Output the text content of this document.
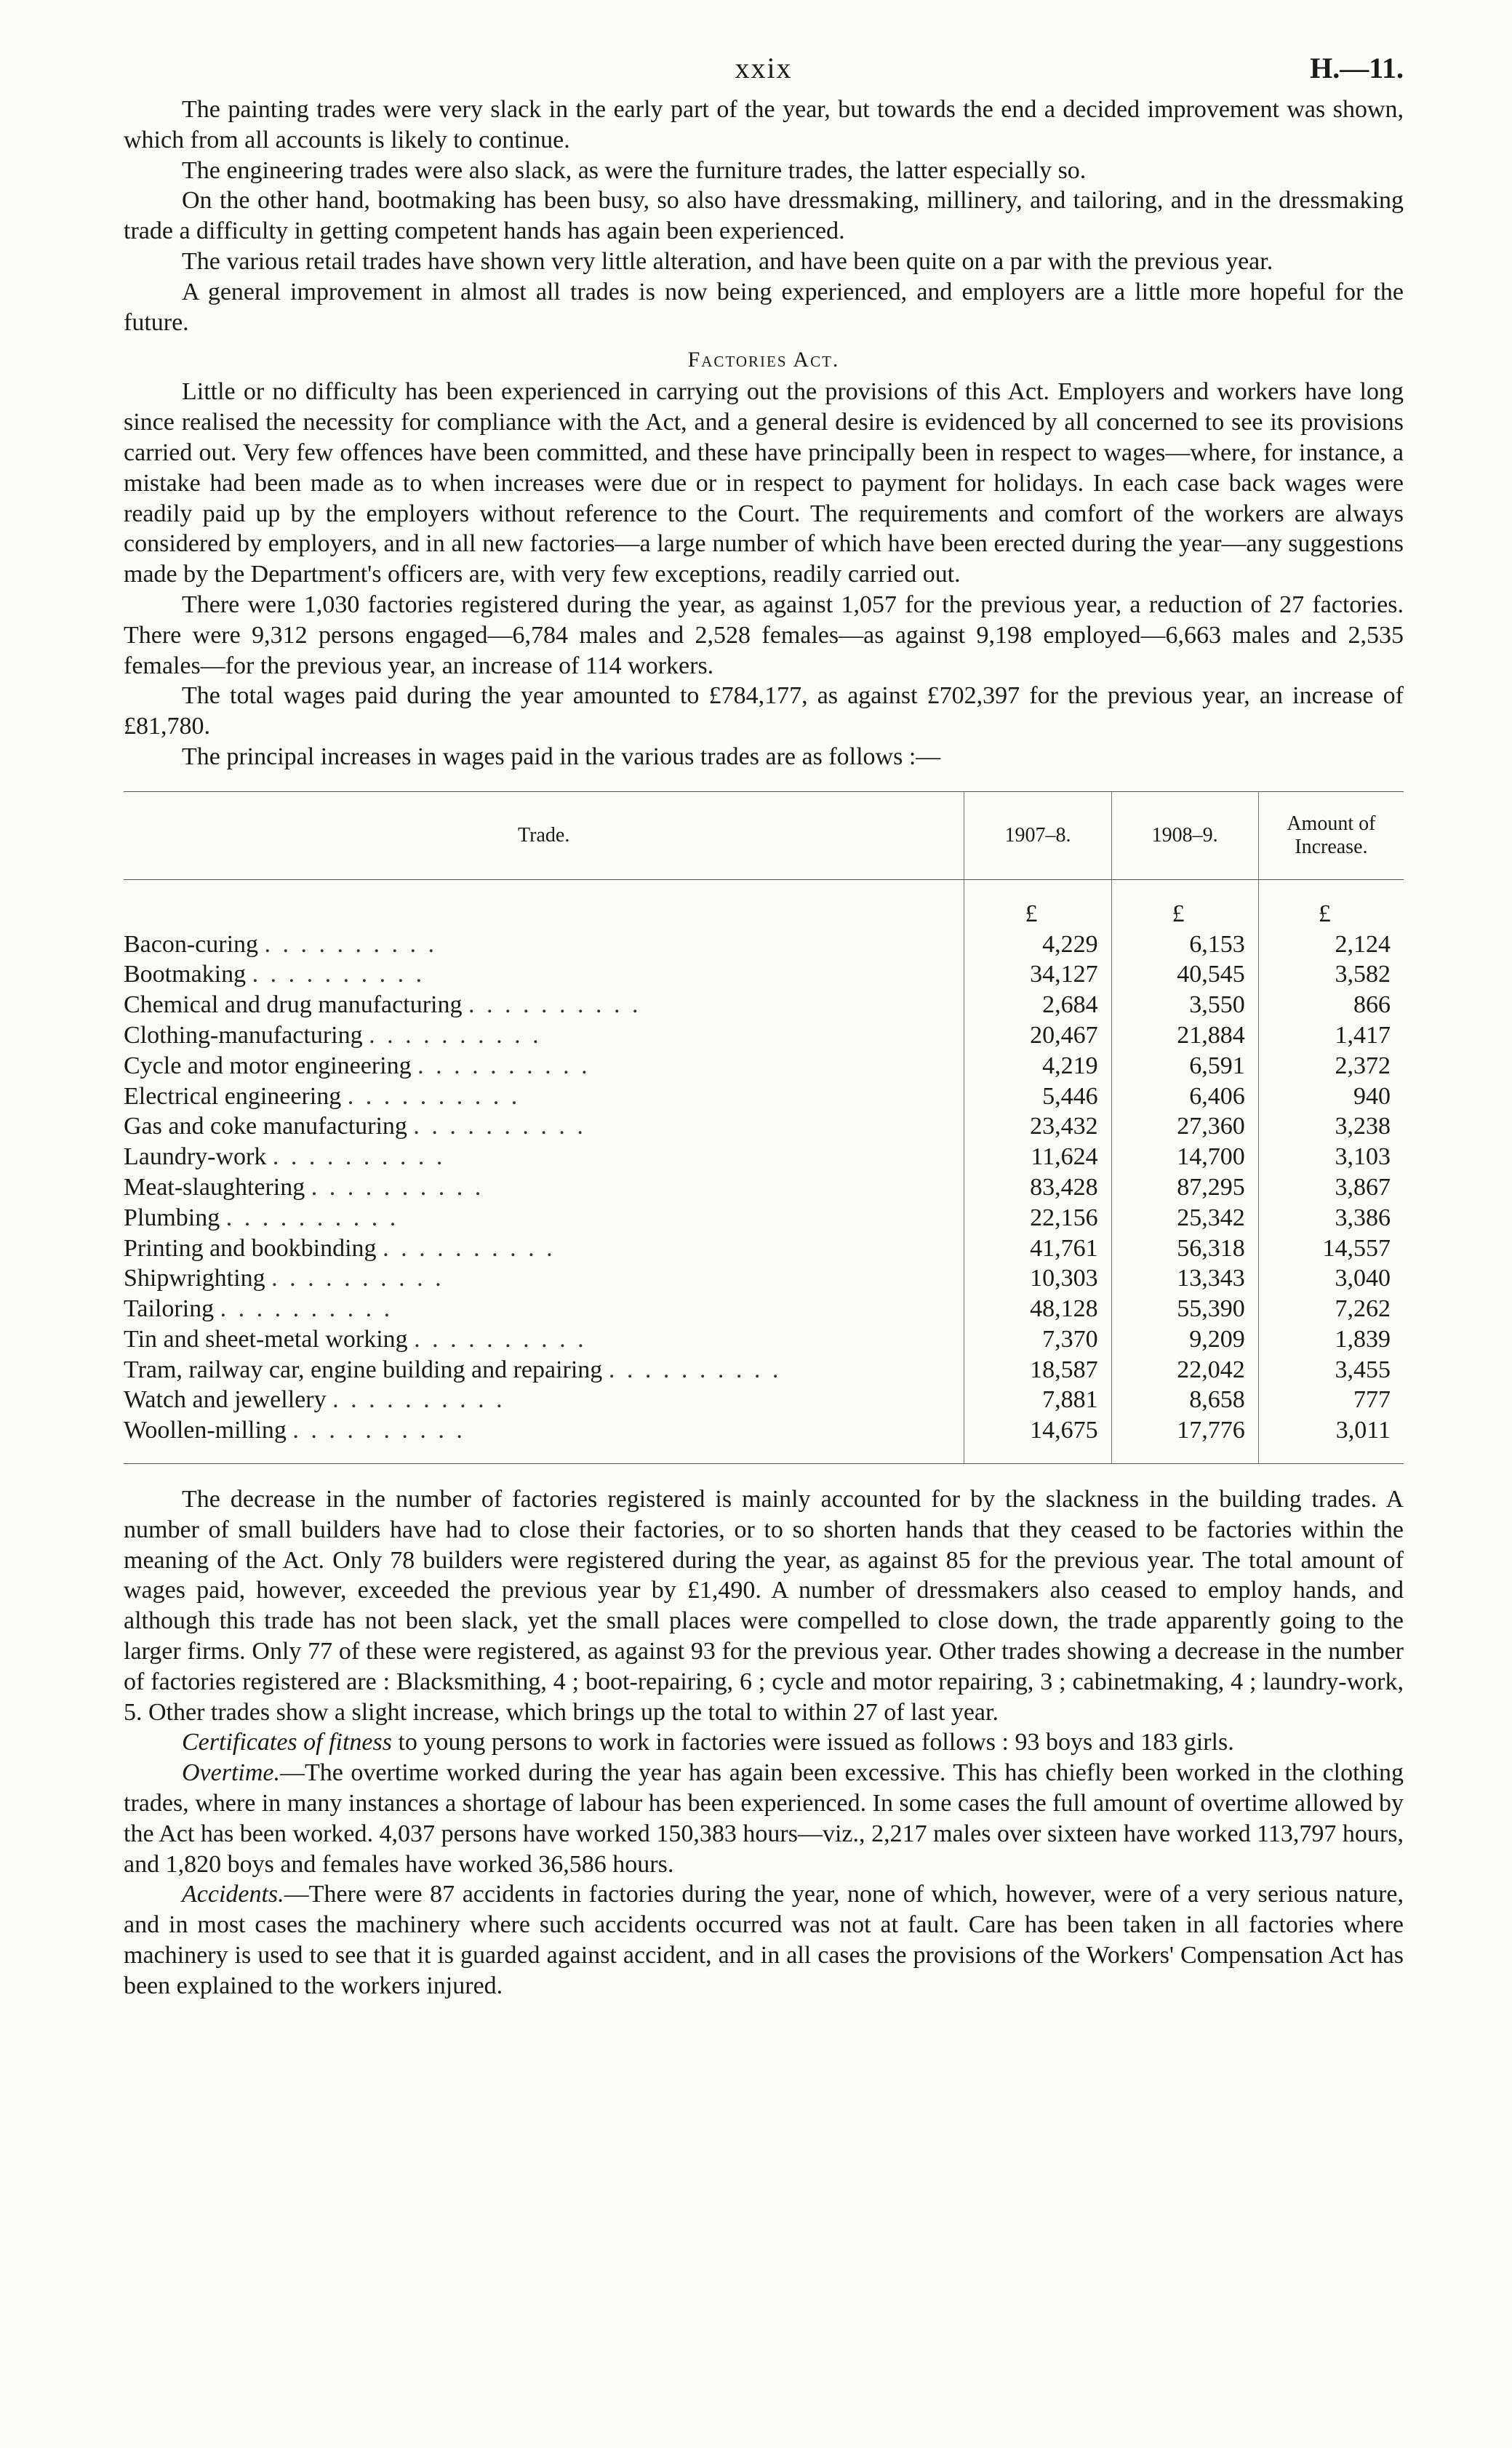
xxix	H.—11.

The painting trades were very slack in the early part of the year, but towards the end a decided improvement was shown, which from all accounts is likely to continue.

The engineering trades were also slack, as were the furniture trades, the latter especially so.

On the other hand, bootmaking has been busy, so also have dressmaking, millinery, and tailoring, and in the dressmaking trade a difficulty in getting competent hands has again been experienced.

The various retail trades have shown very little alteration, and have been quite on a par with the previous year.

A general improvement in almost all trades is now being experienced, and employers are a little more hopeful for the future.

Factories Act.

Little or no difficulty has been experienced in carrying out the provisions of this Act. Employers and workers have long since realised the necessity for compliance with the Act, and a general desire is evidenced by all concerned to see its provisions carried out. Very few offences have been committed, and these have principally been in respect to wages—where, for instance, a mistake had been made as to when increases were due or in respect to payment for holidays. In each case back wages were readily paid up by the employers without reference to the Court. The requirements and comfort of the workers are always considered by employers, and in all new factories—a large number of which have been erected during the year—any suggestions made by the Department's officers are, with very few exceptions, readily carried out.

There were 1,030 factories registered during the year, as against 1,057 for the previous year, a reduction of 27 factories. There were 9,312 persons engaged—6,784 males and 2,528 females—as against 9,198 employed—6,663 males and 2,535 females—for the previous year, an increase of 114 workers.

The total wages paid during the year amounted to £784,177, as against £702,397 for the previous year, an increase of £81,780.

The principal increases in wages paid in the various trades are as follows :—

Trade.	1907–8.	1908–9.	Amount of Increase.
	£	£	£
Bacon-curing . . . . . . . . . .	4,229	6,153	2,124
Bootmaking . . . . . . . . . .	34,127	40,545	3,582
Chemical and drug manufacturing . . . . . . . . . .	2,684	3,550	866
Clothing-manufacturing . . . . . . . . . .	20,467	21,884	1,417
Cycle and motor engineering . . . . . . . . . .	4,219	6,591	2,372
Electrical engineering . . . . . . . . . .	5,446	6,406	940
Gas and coke manufacturing . . . . . . . . . .	23,432	27,360	3,238
Laundry-work . . . . . . . . . .	11,624	14,700	3,103
Meat-slaughtering . . . . . . . . . .	83,428	87,295	3,867
Plumbing . . . . . . . . . .	22,156	25,342	3,386
Printing and bookbinding . . . . . . . . . .	41,761	56,318	14,557
Shipwrighting . . . . . . . . . .	10,303	13,343	3,040
Tailoring . . . . . . . . . .	48,128	55,390	7,262
Tin and sheet-metal working . . . . . . . . . .	7,370	9,209	1,839
Tram, railway car, engine building and repairing . . . . . . . . . .	18,587	22,042	3,455
Watch and jewellery . . . . . . . . . .	7,881	8,658	777
Woollen-milling . . . . . . . . . .	14,675	17,776	3,011

The decrease in the number of factories registered is mainly accounted for by the slackness in the building trades. A number of small builders have had to close their factories, or to so shorten hands that they ceased to be factories within the meaning of the Act. Only 78 builders were registered during the year, as against 85 for the previous year. The total amount of wages paid, however, exceeded the previous year by £1,490. A number of dressmakers also ceased to employ hands, and although this trade has not been slack, yet the small places were compelled to close down, the trade apparently going to the larger firms. Only 77 of these were registered, as against 93 for the previous year. Other trades showing a decrease in the number of factories registered are : Blacksmithing, 4 ; boot-repairing, 6 ; cycle and motor repairing, 3 ; cabinetmaking, 4 ; laundry-work, 5. Other trades show a slight increase, which brings up the total to within 27 of last year.

Certificates of fitness to young persons to work in factories were issued as follows : 93 boys and 183 girls.

Overtime.—The overtime worked during the year has again been excessive. This has chiefly been worked in the clothing trades, where in many instances a shortage of labour has been experienced. In some cases the full amount of overtime allowed by the Act has been worked. 4,037 persons have worked 150,383 hours—viz., 2,217 males over sixteen have worked 113,797 hours, and 1,820 boys and females have worked 36,586 hours.

Accidents.—There were 87 accidents in factories during the year, none of which, however, were of a very serious nature, and in most cases the machinery where such accidents occurred was not at fault. Care has been taken in all factories where machinery is used to see that it is guarded against accident, and in all cases the provisions of the Workers' Compensation Act has been explained to the workers injured.
